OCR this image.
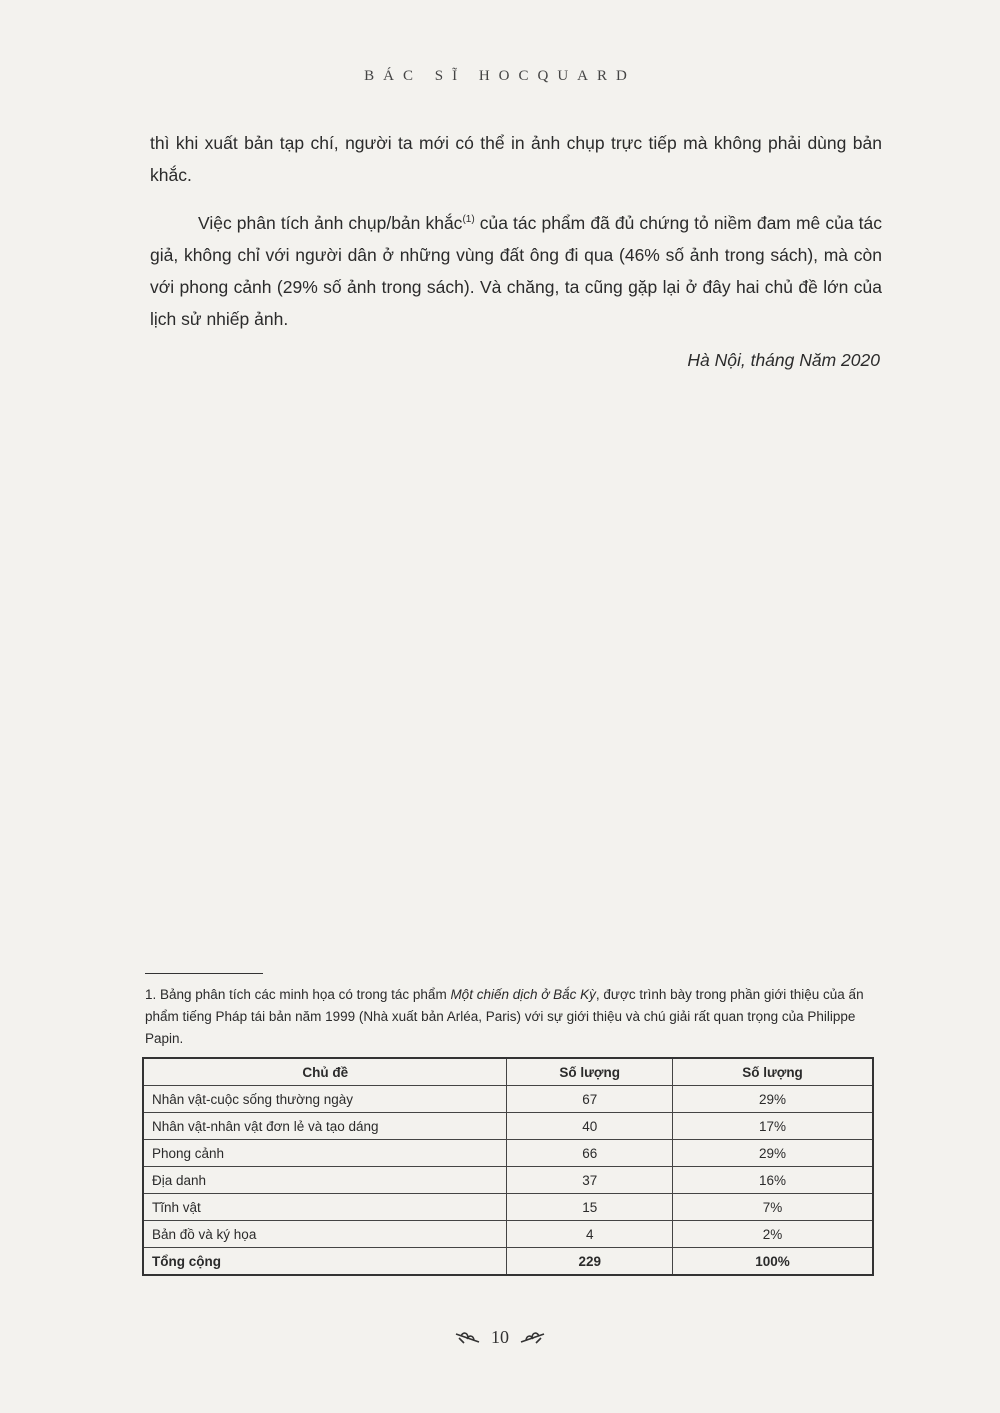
BÁC SĨ HOCQUARD

thì khi xuất bản tạp chí, người ta mới có thể in ảnh chụp trực tiếp mà không phải dùng bản khắc.

Việc phân tích ảnh chụp/bản khắc$^{(1)}$ của tác phẩm đã đủ chứng tỏ niềm đam mê của tác giả, không chỉ với người dân ở những vùng đất ông đi qua (46% số ảnh trong sách), mà còn với phong cảnh (29% số ảnh trong sách). Và chăng, ta cũng gặp lại ở đây hai chủ đề lớn của lịch sử nhiếp ảnh.

Hà Nội, tháng Năm 2020
1. Bảng phân tích các minh họa có trong tác phẩm Một chiến dịch ở Bắc Kỳ, được trình bày trong phần giới thiệu của ấn phẩm tiếng Pháp tái bản năm 1999 (Nhà xuất bản Arléa, Paris) với sự giới thiệu và chú giải rất quan trọng của Philippe Papin.
Chủ đề	Số lượng	Số lượng
Nhân vật-cuộc sống thường ngày	67	29%
Nhân vật-nhân vật đơn lẻ và tạo dáng	40	17%
Phong cảnh	66	29%
Địa danh	37	16%
Tĩnh vật	15	7%
Bản đồ và ký họa	4	2%
Tổng cộng	229	100%
10
